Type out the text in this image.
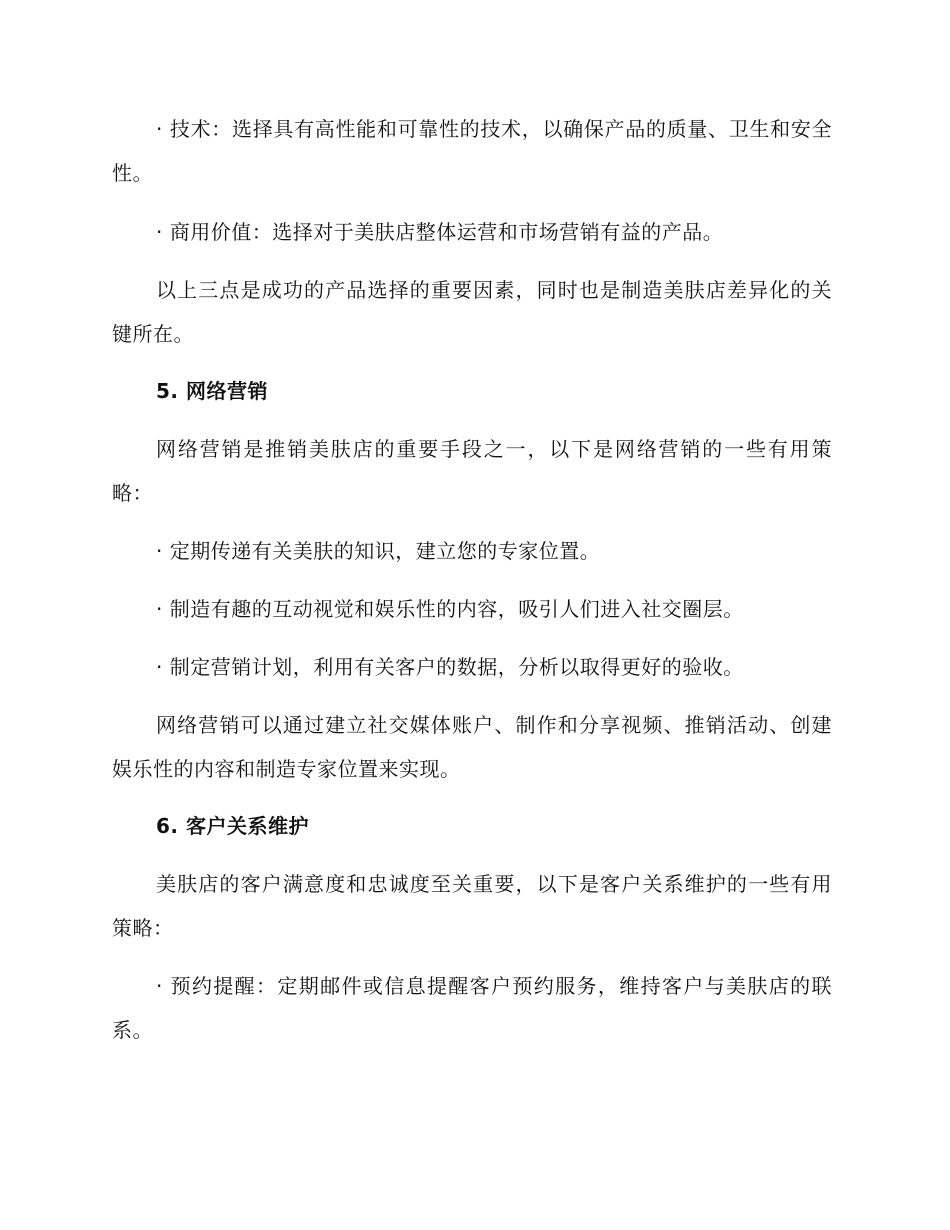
· 技术：选择具有高性能和可靠性的技术，以确保产品的质量、卫生和安全性。

· 商用价值：选择对于美肤店整体运营和市场营销有益的产品。

以上三点是成功的产品选择的重要因素，同时也是制造美肤店差异化的关键所在。

5. 网络营销

网络营销是推销美肤店的重要手段之一，以下是网络营销的一些有用策略：

· 定期传递有关美肤的知识，建立您的专家位置。

· 制造有趣的互动视觉和娱乐性的内容，吸引人们进入社交圈层。

· 制定营销计划，利用有关客户的数据，分析以取得更好的验收。

网络营销可以通过建立社交媒体账户、制作和分享视频、推销活动、创建娱乐性的内容和制造专家位置来实现。

6. 客户关系维护

美肤店的客户满意度和忠诚度至关重要，以下是客户关系维护的一些有用策略：

· 预约提醒：定期邮件或信息提醒客户预约服务，维持客户与美肤店的联系。
